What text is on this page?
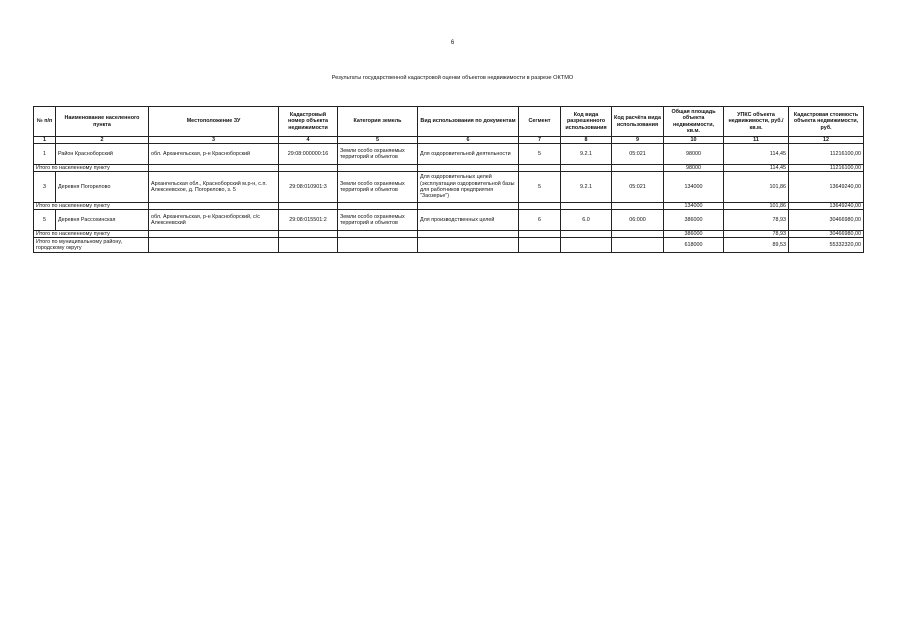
6
Результаты государственной кадастровой оценки объектов недвижимости в разрезе ОКТМО
№ п/п	Наименование населенного пункта	Местоположение ЗУ	Кадастровый номер объекта недвижимости	Категория земель	Вид использования по документам	Сегмент	Код вида разрешенного использования	Код расчёта вида использования	Общая площадь объекта недвижимости, кв.м.	УПКС объекта недвижимости, руб./кв.м.	Кадастровая стоимость объекта недвижимости, руб.
1	2	3	4	5	6	7	8	9	10	11	12
1	Район Красноборский	обл. Архангельская, р-н Красноборский	29:08:000000:16	Земли особо охраняемых территорий и объектов	Для оздоровительной деятельности	5	9.2.1	05:021	98000	114,45	11216100,00
Итого по населенному пункту									98000	114,45	11216100,00
3	Деревня Погорелово	Архангельская обл., Красноборский м.р-н, с.п. Алексеевское, д. Погорелово, з. 5	29:08:010901:3	Земли особо охраняемых территорий и объектов	Для оздоровительных целей (эксплуатации оздоровительной базы для работников предприятия "Заозерье")	5	9.2.1	05:021	134000	101,86	13649240,00
Итого по населенному пункту									134000	101,86	13649240,00
5	Деревня Рассохинская	обл. Архангельская, р-н Красноборский, с/с Алексеевский	29:08:015501:2	Земли особо охраняемых территорий и объектов	Для производственных целей	6	6.0	06:000	386000	78,93	30466980,00
Итого по населенному пункту									386000	78,93	30466980,00
Итого по муниципальному району, городскому округу									618000	89,53	55332320,00
